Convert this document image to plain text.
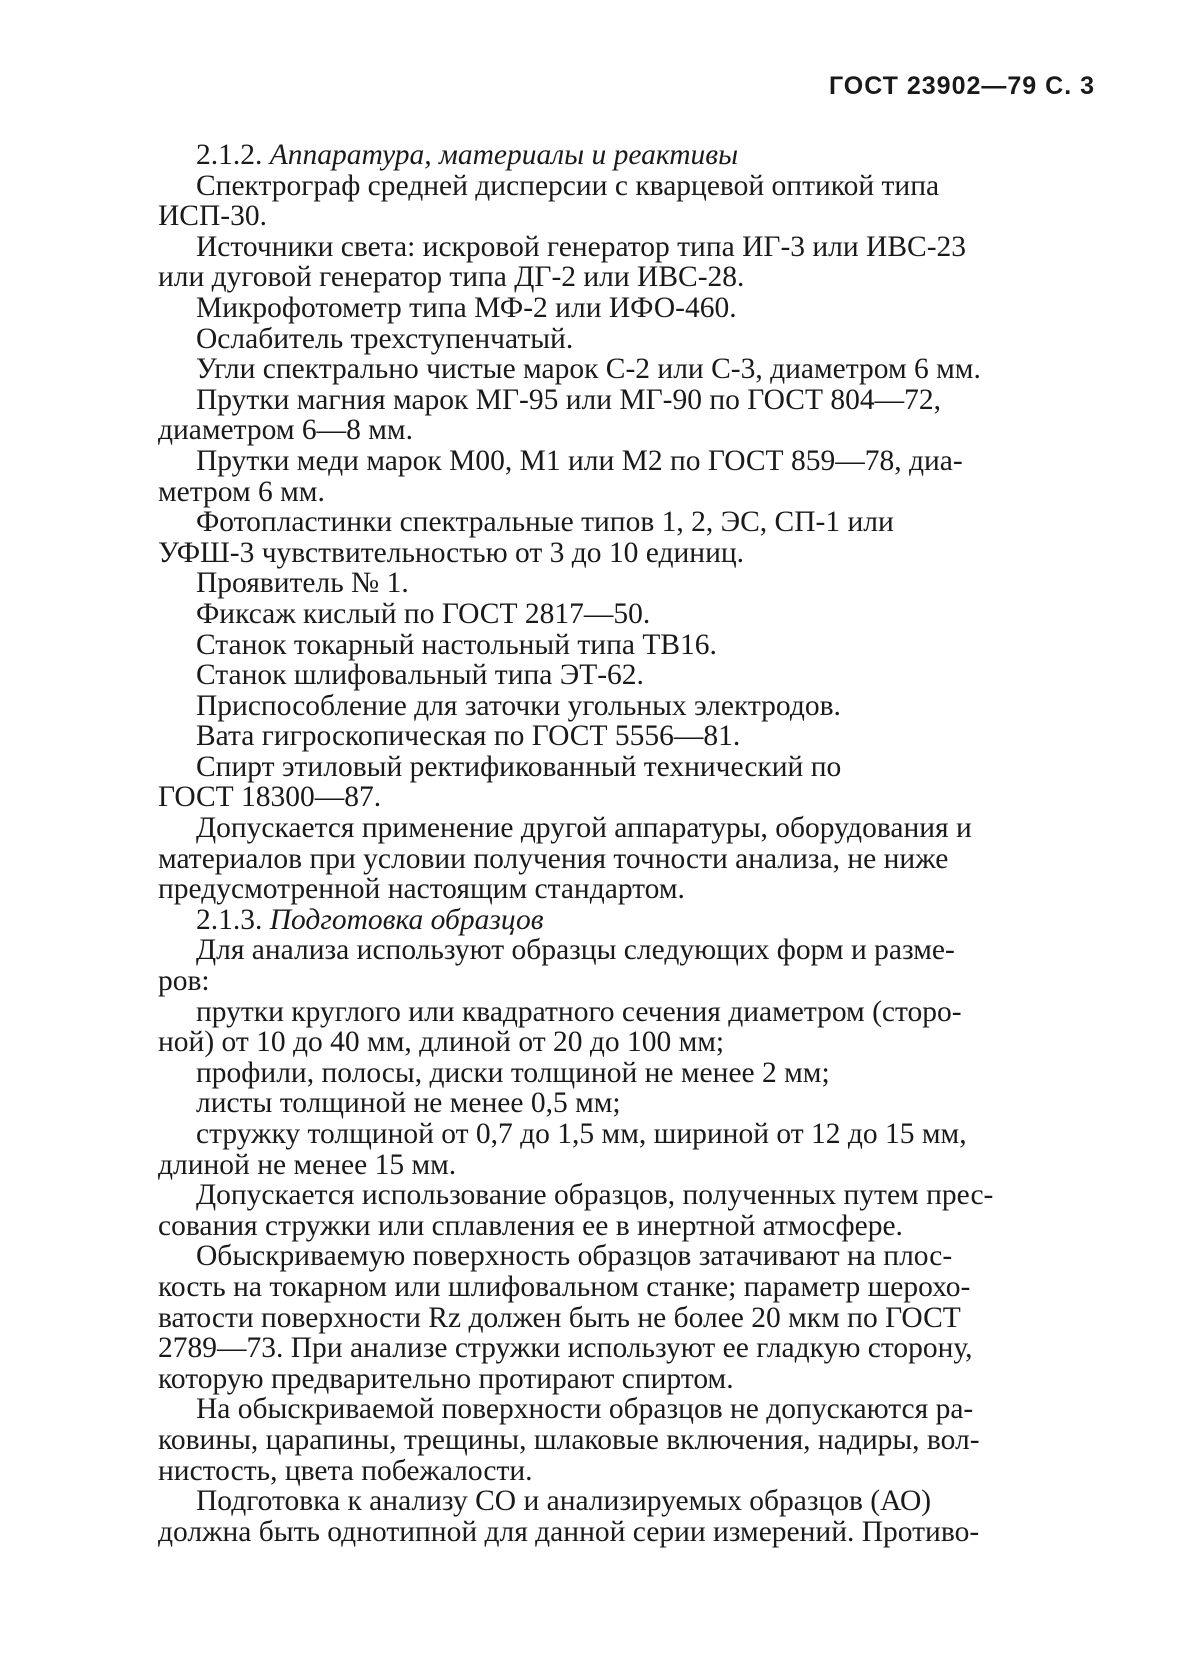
ГОСТ 23902—79 С. 3
2.1.2. Аппаратура, материалы и реактивы
Спектрограф средней дисперсии с кварцевой оптикой типа
ИСП-30.
Источники света: искровой генератор типа ИГ-3 или ИВС-23
или дуговой генератор типа ДГ-2 или ИВС-28.
Микрофотометр типа МФ-2 или ИФО-460.
Ослабитель трехступенчатый.
Угли спектрально чистые марок С-2 или С-3, диаметром 6 мм.
Прутки магния марок МГ-95 или МГ-90 по ГОСТ 804—72,
диаметром 6—8 мм.
Прутки меди марок М00, М1 или М2 по ГОСТ 859—78, диа-
метром 6 мм.
Фотопластинки спектральные типов 1, 2, ЭС, СП-1 или
УФШ-3 чувствительностью от 3 до 10 единиц.
Проявитель № 1.
Фиксаж кислый по ГОСТ 2817—50.
Станок токарный настольный типа ТВ16.
Станок шлифовальный типа ЭТ-62.
Приспособление для заточки угольных электродов.
Вата гигроскопическая по ГОСТ 5556—81.
Спирт этиловый ректификованный технический по
ГОСТ 18300—87.
Допускается применение другой аппаратуры, оборудования и
материалов при условии получения точности анализа, не ниже
предусмотренной настоящим стандартом.
2.1.3. Подготовка образцов
Для анализа используют образцы следующих форм и разме-
ров:
прутки круглого или квадратного сечения диаметром (сторо-
ной) от 10 до 40 мм, длиной от 20 до 100 мм;
профили, полосы, диски толщиной не менее 2 мм;
листы толщиной не менее 0,5 мм;
стружку толщиной от 0,7 до 1,5 мм, шириной от 12 до 15 мм,
длиной не менее 15 мм.
Допускается использование образцов, полученных путем прес-
сования стружки или сплавления ее в инертной атмосфере.
Обыскриваемую поверхность образцов затачивают на плос-
кость на токарном или шлифовальном станке; параметр шерохо-
ватости поверхности Rz должен быть не более 20 мкм по ГОСТ
2789—73. При анализе стружки используют ее гладкую сторону,
которую предварительно протирают спиртом.
На обыскриваемой поверхности образцов не допускаются ра-
ковины, царапины, трещины, шлаковые включения, надиры, вол-
нистость, цвета побежалости.
Подготовка к анализу СО и анализируемых образцов (АО)
должна быть однотипной для данной серии измерений. Противо-
